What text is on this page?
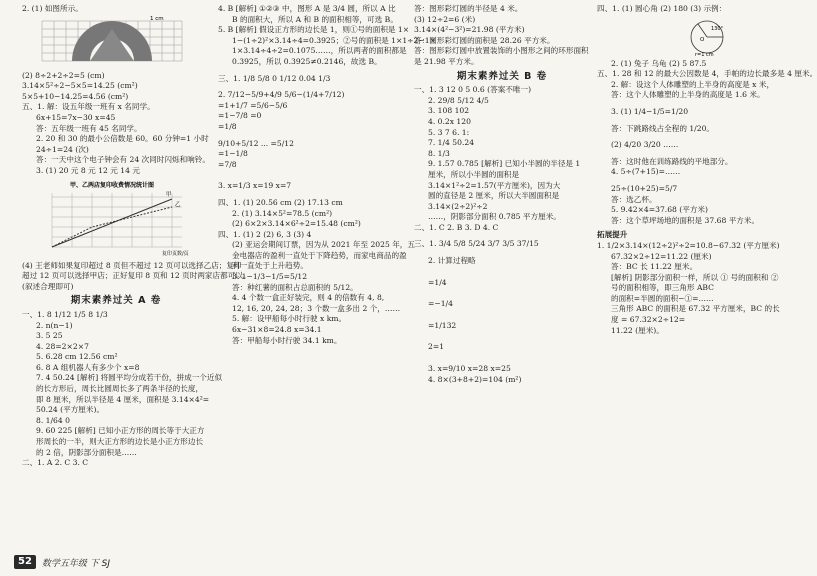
2. (1) 如图所示。
1 cm
(2) 8÷2+2÷2=5 (cm)
3.14×5²÷2−5×5=14.25 (cm²)
5×5+10−14.25=4.56 (cm²)
五、1. 解：设五年级一班有 x 名同学。
6x+15=7x−30 x=45
答：五年级一班有 45 名同学。
2. 20 和 30 的最小公倍数是 60。60 分钟=1 小时
24÷1=24 (次)
答：一天中这个电子钟会有 24 次同时闪烁和响铃。
3. (1) 20 元 8 元 12 元 14 元
甲、乙两店复印收费情况统计图
甲
乙
复印页数/页
(4) 王老师如果复印超过 8 页但不超过 12 页可以选择乙店；复印
超过 12 页可以选择甲店；正好复印 8 页和 12 页时两家店都可以。
(叙述合理即可)
期末素养过关 A 卷
一、1. 8 1/12 1/5 8 1/3
2. n(n−1)
3. 5 25
4. 28=2×2×7
5. 6.28 cm 12.56 cm²
6. 8 A 组机器人有多少个 x=8
7. 4 50.24 [解析] 将圆平均分成若干份，拼成一个近似
的长方形后，周长比圆周长多了两条半径的长度，即 8 厘米，所以半径是 4 厘米，面积是 3.14×4²=
50.24 (平方厘米)。
8. 1/64 0
9. 60 225 [解析] 已知小正方形的周长等于大正方形周长的一半，则大正方形的边长是小正方形边长的 2 倍，阴影部分面积是……
二、1. A 2. C 3. C
4. B [解析] ①②③ 中，图形 A 是 3/4 圆，所以 A 比
B 的面积大，所以 A 和 B 的面积相等，可选 B。
5. B [解析] 假设正方形的边长是 1，则①号的面积是 1×
1−(1÷2)²×3.14÷4=0.3925；②号的面积是 1×1÷2−1×
1×3.14÷4÷2=0.1075……，所以两者的面积都是
0.3925，所以 0.3925≠0.2146，故选 B。
三、1. 1/8 5/8 0 1/12 0.04 1/3
2. 7/12−5/9+4/9 5/6−(1/4+7/12)
=1+1/7 =5/6−5/6
=1−7/8 =0
=1/8
9/10+5/12 ... =5/12
=1−1/8
=7/8
3. x=1/3 x=19 x=7
四、1. (1) 20.56 cm (2) 17.13 cm
2. (1) 3.14×5²=78.5 (cm²)
(2) 6×2×3.14×6²÷2=15.48 (cm²)
四、1. (1) 2 (2) 6, 3 (3) 4
(2) 亚运会期间订票，因为从 2021 年至 2025 年，五
金电器店的盈利一直处于下降趋势，而家电商品的盈利一直处于上升趋势。
3. 1−1/3−1/5=5/12
答：种红薯的面积占总面积的 5/12。
4. 4 个数一盒正好装完，则 4 的倍数有 4, 8,
12, 16, 20, 24, 28；3 个数一盒多出 2 个，……
5. 解：设甲船每小时行驶 x km。
6x−31×8=24.8 x=34.1
答：甲船每小时行驶 34.1 km。
答：图形彩灯圆的半径是 4 米。
(3) 12÷2=6 (米)
3.14×(4²−3²)=21.98 (平方米)
答：图形彩灯圆的面积是 28.26 平方米。
答：图形彩灯圆中放置装饰的小图形之间的环形面积
是 21.98 平方米。
期末素养过关 B 卷
一、1. 3 12 0 5 0.6 (答案不唯一)
2. 29/8 5/12 4/5
3. 108 102
4. 0.2x 120
5. 3 7 6. 1:
7. 1/4 50.24
8. 1/3
9. 1.57 0.785 [解析] 已知小半圆的半径是 1 厘米，所以小半圆的面积是 3.14×1²÷2=1.57(平方厘米)，因为大
圆的直径是 2 厘米，所以大半圆面积是 3.14×(2÷2)²÷2
……，阴影部分面积 0.785 平方厘米。
二、1. C 2. B 3. D 4. C
三、1. 3/4 5/8 5/24 3/7 3/5 37/15
2. 计算过程略
=1/4
=−1/4
=1/132
2=1
3. x=9/10 x=28 x=25
4. 8×(3+8+2)=104 (m²)
四、1. (1) 圆心角 (2) 180 (3) 示例：
O
130°
r=1 cm
2. (1) 兔子 乌龟 (2) 5 87.5
五、1. 28 和 12 的最大公因数是 4，手帕的边长最多是 4 厘米。
2. 解：设这个人体雕塑的上半身的高度是 x 米，
答：这个人体雕塑的上半身的高度是 1.6 米。
3. (1) 1/4−1/5=1/20
答：下跳路线占全程的 1/20。
(2) 4/20 3/20 ……
答：这时他在训练路线的平地部分。
4. 5÷(7+15)=……
25÷(10+25)=5/7
答：选乙杯。
5. 9.42×4=37.68 (平方米)
答：这个草坪场地的面积是 37.68 平方米。
拓展提升
1. 1/2×3.14×(12÷2)²÷2=10.8−67.32 (平方厘米)
67.32×2÷12=11.22 (厘米)
答：BC 长 11.22 厘米。
[解析] 阴影部分面积一样，所以 ① 号的面积和 ② 号的面积相等，即三角形 ABC
的面积=半圆的面积−①=……
三角形 ABC 的面积是 67.32 平方厘米，BC 的长度 = 67.32×2÷12=
11.22 (厘米)。
52	数学五年级 下 SJ
